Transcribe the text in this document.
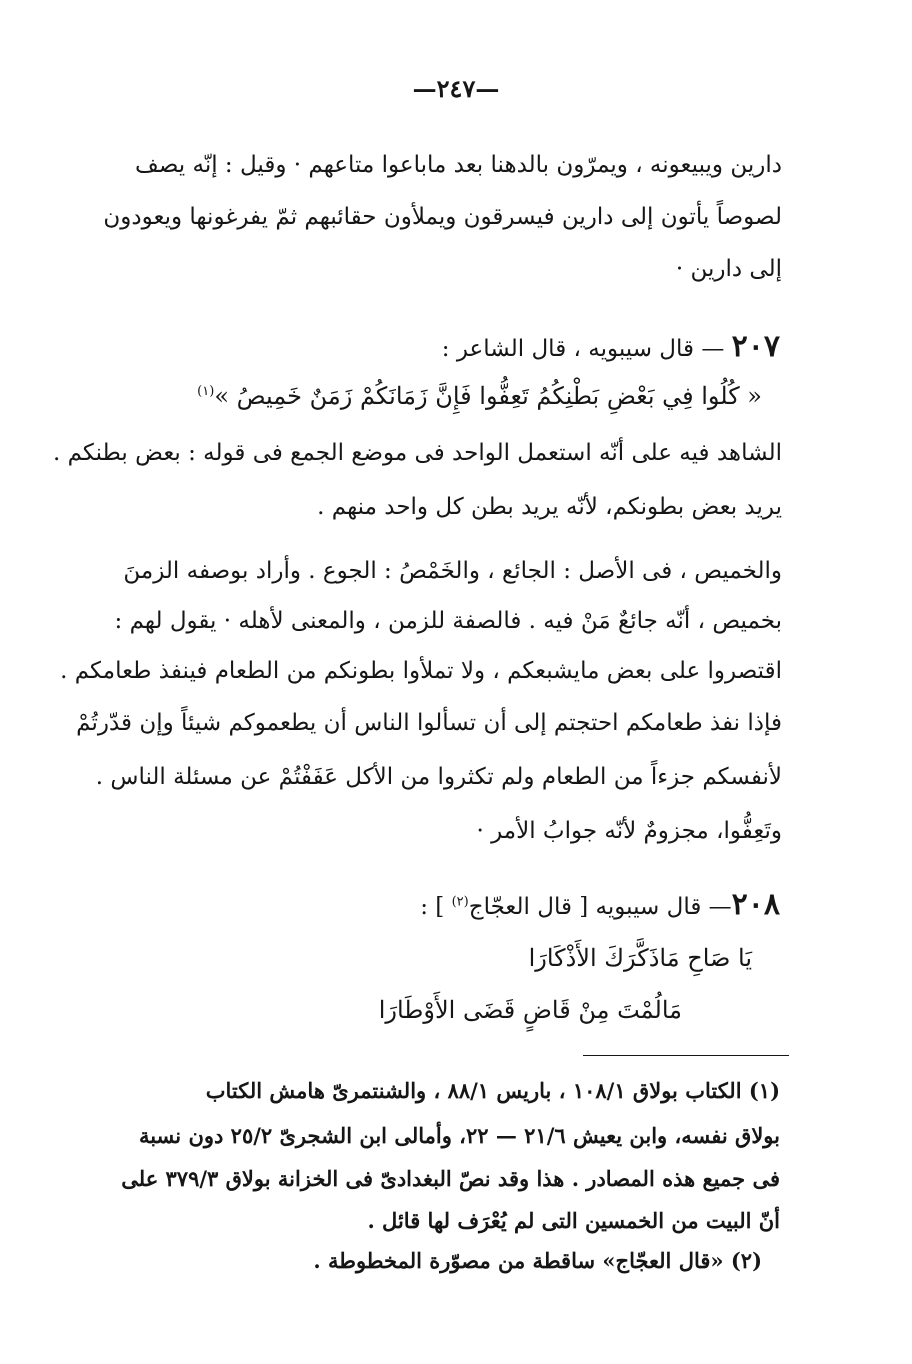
—٢٤٧—
دارين ويبيعونه ، ويمرّون بالدهنا بعد ماباعوا متاعهم · وقيل : إنّه يصف
لصوصاً يأتون إلى دارين فيسرقون ويملأون حقائبهم ثمّ يفرغونها ويعودون
إلى دارين ·
٢٠٧ — قال سيبويه ، قال الشاعر :
« كُلُوا فِي بَعْضِ بَطْنِكُمُ تَعِفُّوا فَإِنَّ زَمَانَكُمْ زَمَنٌ خَمِيصُ »$^{(١)}$
الشاهد فيه على أنّه استعمل الواحد فى موضع الجمع فى قوله : بعض بطنكم .
يريد بعض بطونكم، لأنّه يريد بطن كل واحد منهم .
والخميص ، فى الأصل : الجائع ، والخَمْصُ : الجوع . وأراد بوصفه الزمنَ
بخميص ، أنّه جائعٌ مَنْ فيه . فالصفة للزمن ، والمعنى لأهله · يقول لهم :
اقتصروا على بعض مايشبعكم ، ولا تملأوا بطونكم من الطعام فينفذ طعامكم .
فإذا نفذ طعامكم احتجتم إلى أن تسألوا الناس أن يطعموكم شيئاً وإن قدّرتُمْ
لأنفسكم جزءاً من الطعام ولم تكثروا من الأكل عَفَفْتُمْ عن مسئلة الناس .
وتَعِفُّوا، مجزومٌ لأنّه جوابُ الأمر ·
٢٠٨— قال سيبويه [ قال العجّاج$^{(٢)}$ ] :
يَا صَاحِ مَاذَكَّرَكَ الأَذْكَارَا
مَالُمْتَ مِنْ قَاضٍ قَضَى الأَوْطَارَا
(١) الكتاب بولاق ١٠٨/١ ، باريس ٨٨/١ ، والشنتمرىّ هامش الكتاب
بولاق نفسه، وابن يعيش ٢١/٦ — ٢٢، وأمالى ابن الشجرىّ ٢٥/٢ دون نسبة
فى جميع هذه المصادر . هذا وقد نصّ البغدادىّ فى الخزانة بولاق ٣٧٩/٣ على
أنّ البيت من الخمسين التى لم يُعْرَف لها قائل .
(٢) «قال العجّاج» ساقطة من مصوّرة المخطوطة .
